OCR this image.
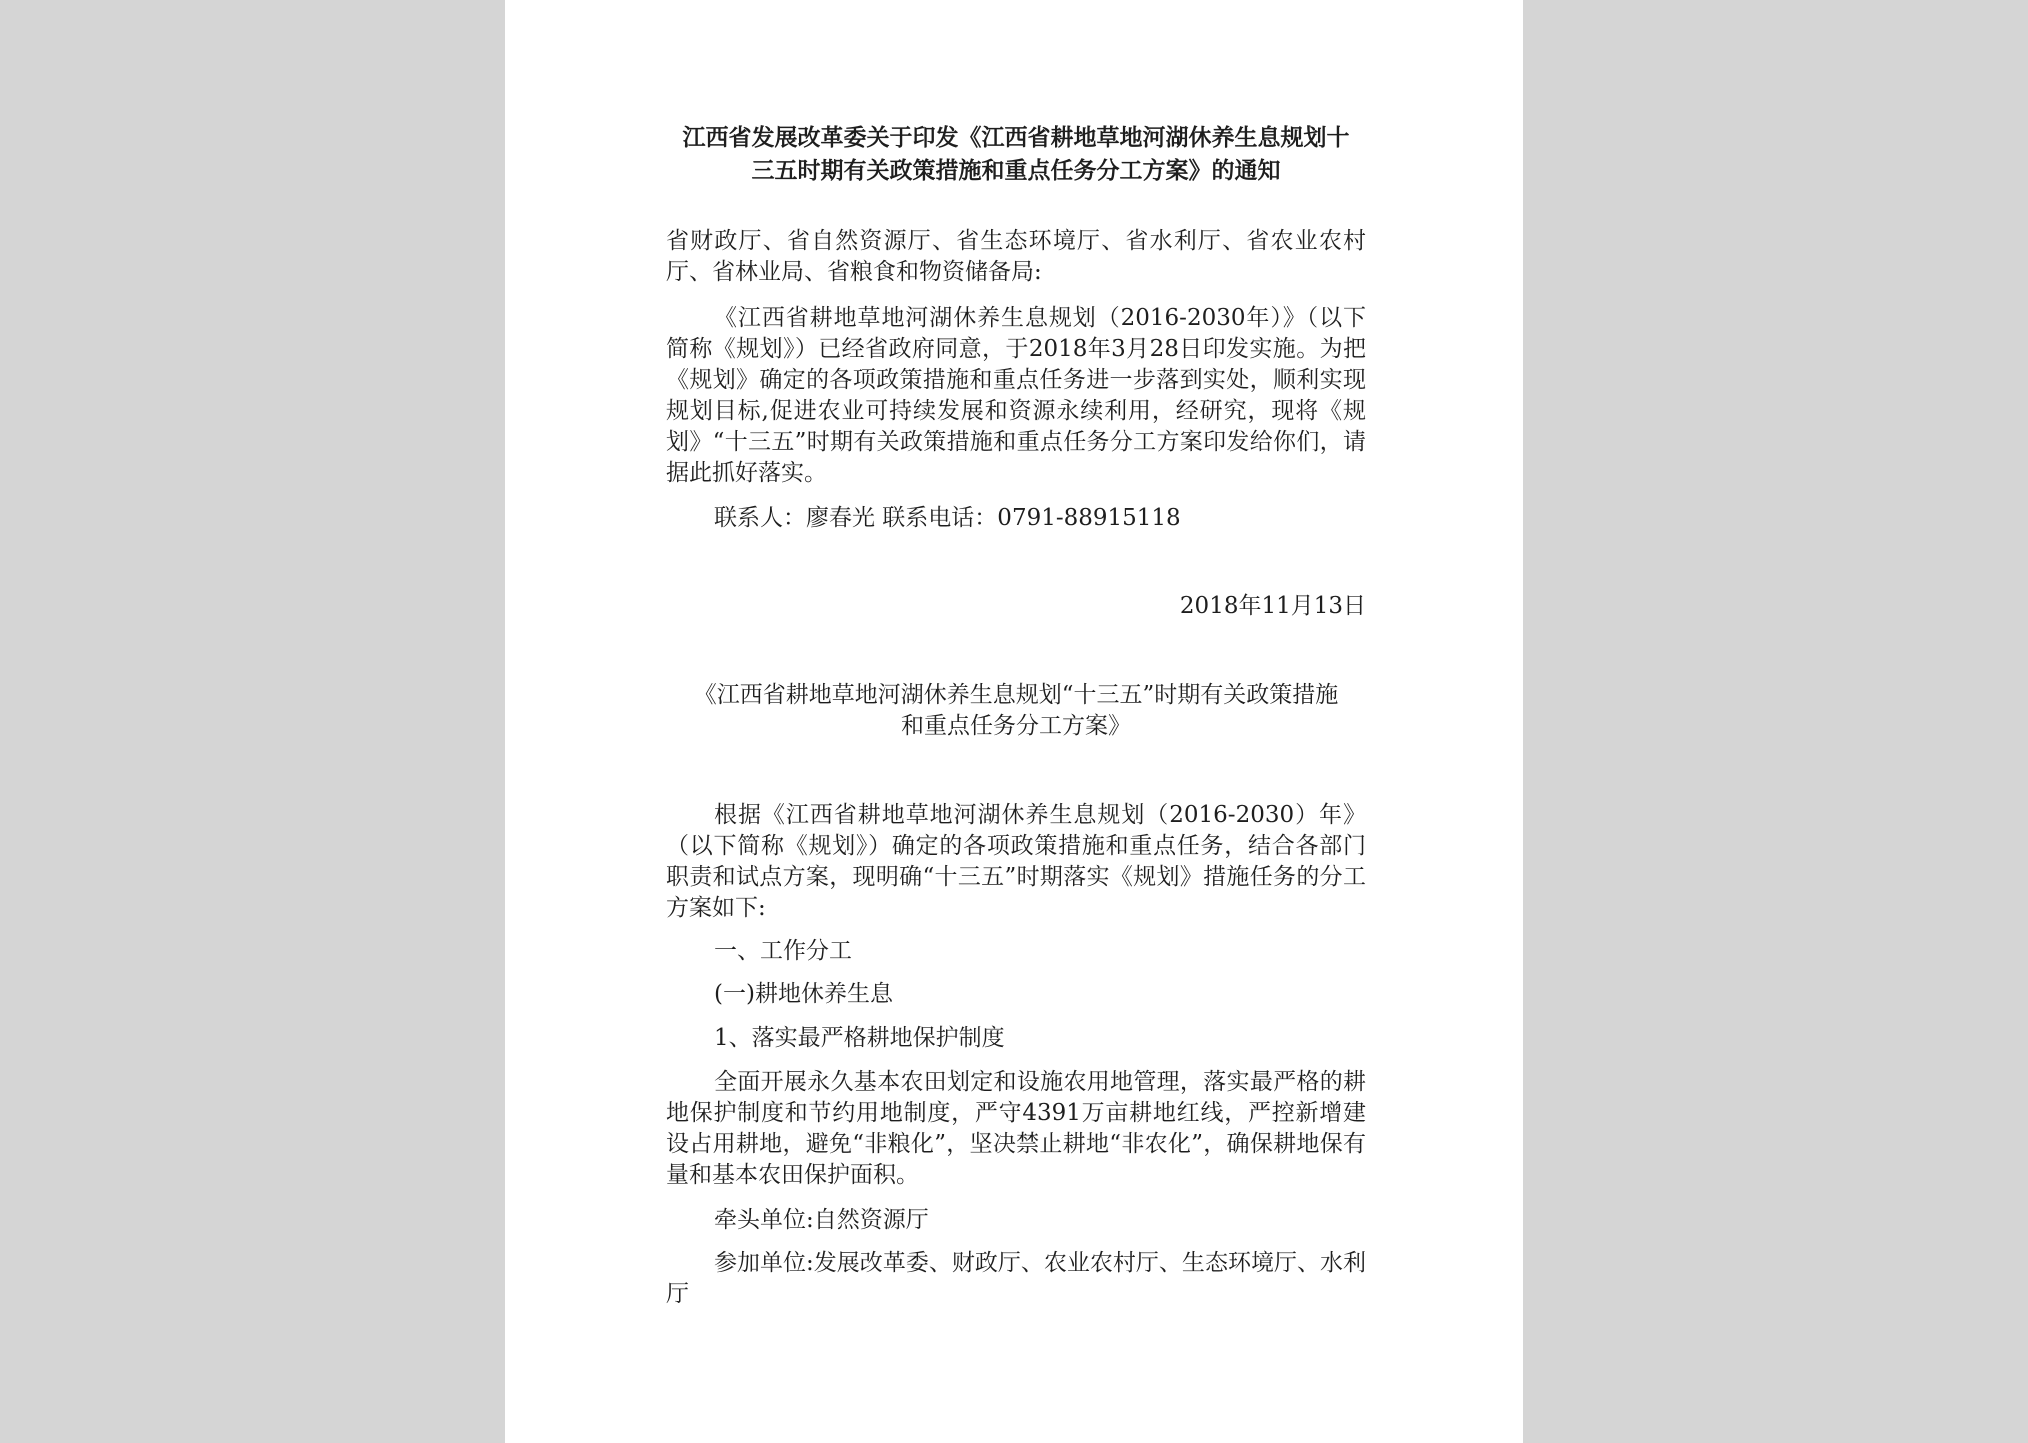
江西省发展改革委关于印发《江西省耕地草地河湖休养生息规划十
三五时期有关政策措施和重点任务分工方案》的通知
省财政厅、省自然资源厅、省生态环境厅、省水利厅、省农业农村厅、省林业局、省粮食和物资储备局:
《江西省耕地草地河湖休养生息规划（2016-2030年）》（以下简称《规划》）已经省政府同意，于2018年3月28日印发实施。为把《规划》确定的各项政策措施和重点任务进一步落到实处，顺利实现规划目标,促进农业可持续发展和资源永续利用，经研究，现将《规划》“十三五”时期有关政策措施和重点任务分工方案印发给你们，请据此抓好落实。
联系人：廖春光 联系电话：0791-88915118
2018年11月13日
《江西省耕地草地河湖休养生息规划“十三五”时期有关政策措施
和重点任务分工方案》
根据《江西省耕地草地河湖休养生息规划（2016-2030）年》（以下简称《规划》）确定的各项政策措施和重点任务，结合各部门职责和试点方案，现明确“十三五”时期落实《规划》措施任务的分工方案如下:
一、工作分工
(一)耕地休养生息
1、落实最严格耕地保护制度
全面开展永久基本农田划定和设施农用地管理，落实最严格的耕地保护制度和节约用地制度，严守4391万亩耕地红线，严控新增建设占用耕地，避免“非粮化”，坚决禁止耕地“非农化”，确保耕地保有量和基本农田保护面积。
牵头单位:自然资源厅
参加单位:发展改革委、财政厅、农业农村厅、生态环境厅、水利厅
